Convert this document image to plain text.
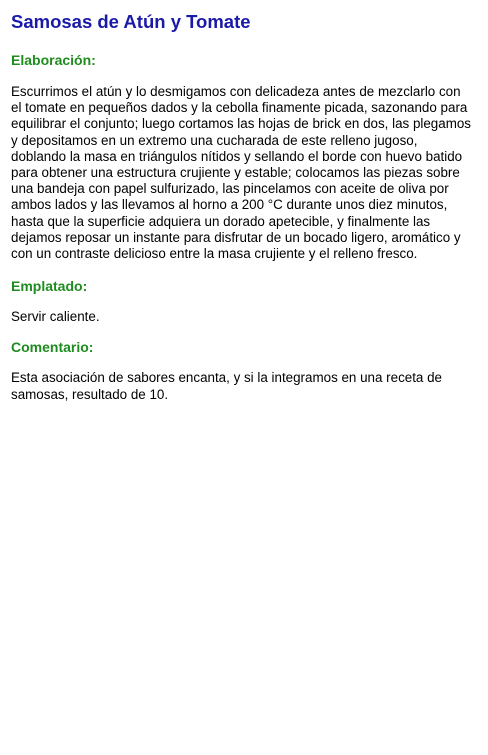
Samosas de Atún y Tomate
Elaboración:

Escurrimos el atún y lo desmigamos con delicadeza antes de mezclarlo con el tomate en pequeños dados y la cebolla finamente picada, sazonando para equilibrar el conjunto; luego cortamos las hojas de brick en dos, las plegamos y depositamos en un extremo una cucharada de este relleno jugoso, doblando la masa en triángulos nítidos y sellando el borde con huevo batido para obtener una estructura crujiente y estable; colocamos las piezas sobre una bandeja con papel sulfurizado, las pincelamos con aceite de oliva por ambos lados y las llevamos al horno a 200 °C durante unos diez minutos, hasta que la superficie adquiera un dorado apetecible, y finalmente las dejamos reposar un instante para disfrutar de un bocado ligero, aromático y con un contraste delicioso entre la masa crujiente y el relleno fresco.

Emplatado:

Servir caliente.

Comentario:

Esta asociación de sabores encanta, y si la integramos en una receta de samosas, resultado de 10.
